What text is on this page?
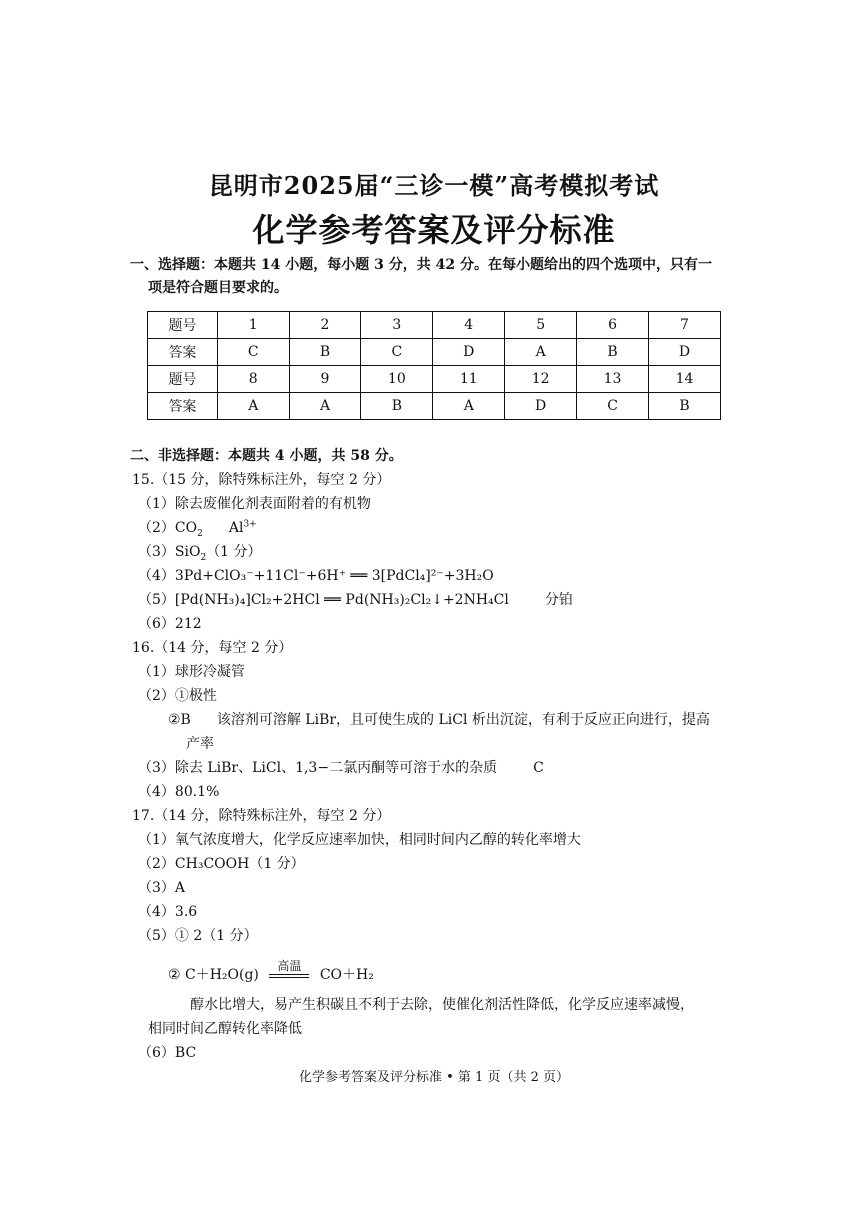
昆明市2025届“三诊一模”高考模拟考试
化学参考答案及评分标准
一、选择题：本题共 14 小题，每小题 3 分，共 42 分。在每小题给出的四个选项中，只有一
项是符合题目要求的。
题号	1	2	3	4	5	6	7
答案	C	B	C	D	A	B	D
题号	8	9	10	11	12	13	14
答案	A	A	B	A	D	C	B
二、非选择题：本题共 4 小题，共 58 分。
15.（15 分，除特殊标注外，每空 2 分）
（1）除去废催化剂表面附着的有机物
$(2)CO_2$ $Al^{3+}$
（3）SiO$_2$（1 分）
（4）3Pd+ClO₃⁻+11Cl⁻+6H⁺ ══ 3[PdCl₄]²⁻+3H₂O
（5）[Pd(NH₃)₄]Cl₂+2HCl ══ Pd(NH₃)₂Cl₂↓+2NH₄Cl	分铂
（6）212
16.（14 分，每空 2 分）
（1）球形冷凝管
（2）①极性
②B 该溶剂可溶解 LiBr，且可使生成的 LiCl 析出沉淀，有利于反应正向进行，提高
产率
（3）除去 LiBr、LiCl、1,3−二氯丙酮等可溶于水的杂质	C
（4）80.1%
17.（14 分，除特殊标注外，每空 2 分）
（1）氧气浓度增大，化学反应速率加快，相同时间内乙醇的转化率增大
（2）CH₃COOH（1 分）
（3）A
（4）3.6
（5）① 2（1 分）
② C＋H₂O(g)
高温
CO＋H₂
醇水比增大，易产生积碳且不利于去除，使催化剂活性降低，化学反应速率减慢，
相同时间乙醇转化率降低
（6）BC
化学参考答案及评分标准 • 第 1 页（共 2 页）
